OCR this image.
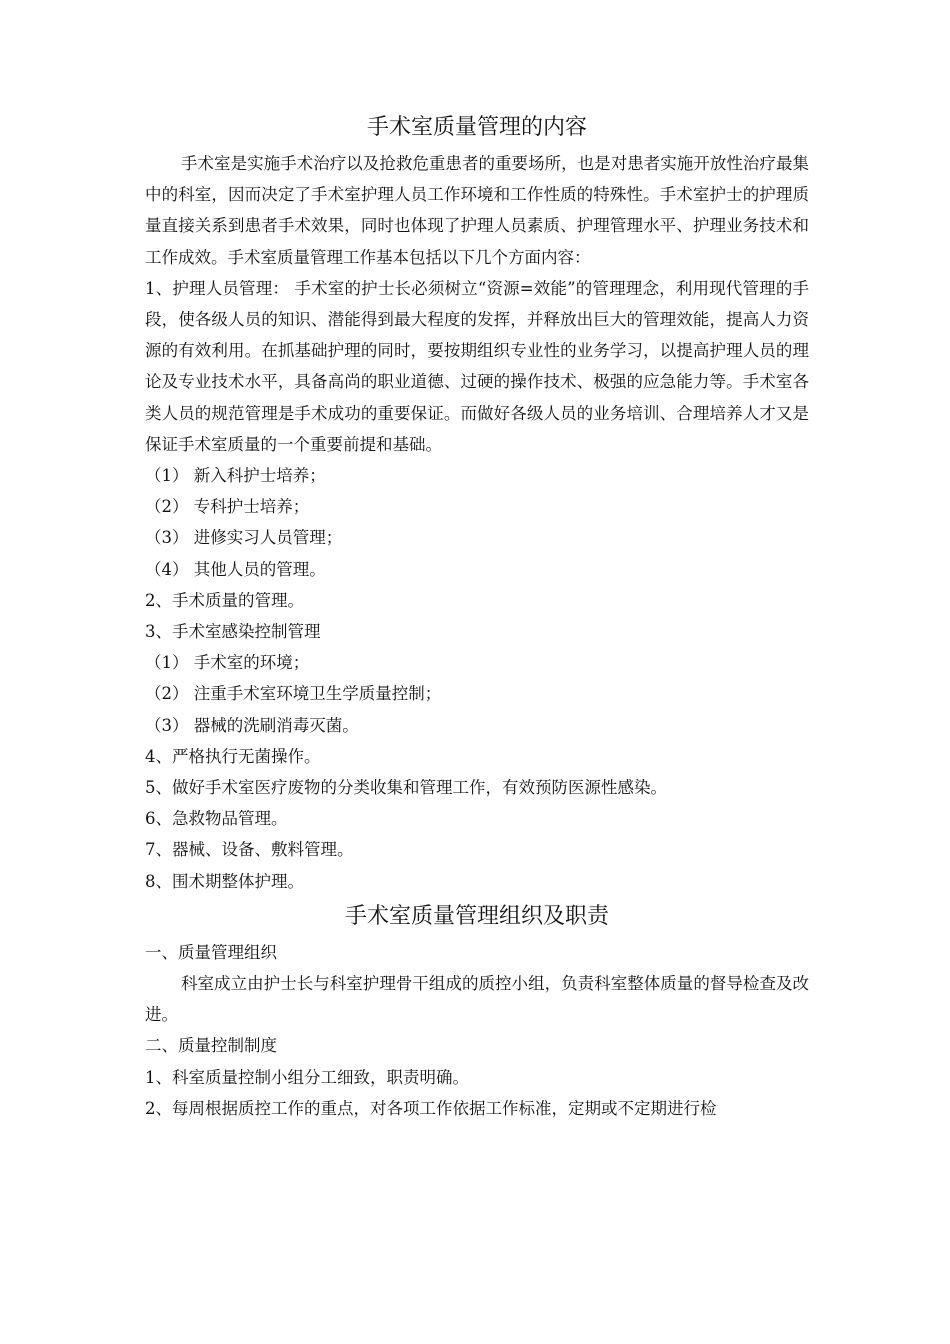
手术室质量管理的内容

手术室是实施手术治疗以及抢救危重患者的重要场所，也是对患者实施开放性治疗最集中的科室，因而决定了手术室护理人员工作环境和工作性质的特殊性。手术室护士的护理质量直接关系到患者手术效果，同时也体现了护理人员素质、护理管理水平、护理业务技术和工作成效。手术室质量管理工作基本包括以下几个方面内容：

1、护理人员管理： 手术室的护士长必须树立“资源=效能”的管理理念，利用现代管理的手段，使各级人员的知识、潜能得到最大程度的发挥，并释放出巨大的管理效能，提高人力资源的有效利用。在抓基础护理的同时，要按期组织专业性的业务学习，以提高护理人员的理论及专业技术水平，具备高尚的职业道德、过硬的操作技术、极强的应急能力等。手术室各类人员的规范管理是手术成功的重要保证。而做好各级人员的业务培训、合理培养人才又是保证手术室质量的一个重要前提和基础。

（1） 新入科护士培养；

（2） 专科护士培养；

（3） 进修实习人员管理；

（4） 其他人员的管理。

2、手术质量的管理。

3、手术室感染控制管理

（1） 手术室的环境；

（2） 注重手术室环境卫生学质量控制；

（3） 器械的洗刷消毒灭菌。

4、严格执行无菌操作。

5、做好手术室医疗废物的分类收集和管理工作，有效预防医源性感染。

6、急救物品管理。

7、器械、设备、敷料管理。

8、围术期整体护理。

手术室质量管理组织及职责

一、质量管理组织

科室成立由护士长与科室护理骨干组成的质控小组，负责科室整体质量的督导检查及改进。

二、质量控制制度

1、科室质量控制小组分工细致，职责明确。

2、每周根据质控工作的重点，对各项工作依据工作标准，定期或不定期进行检
